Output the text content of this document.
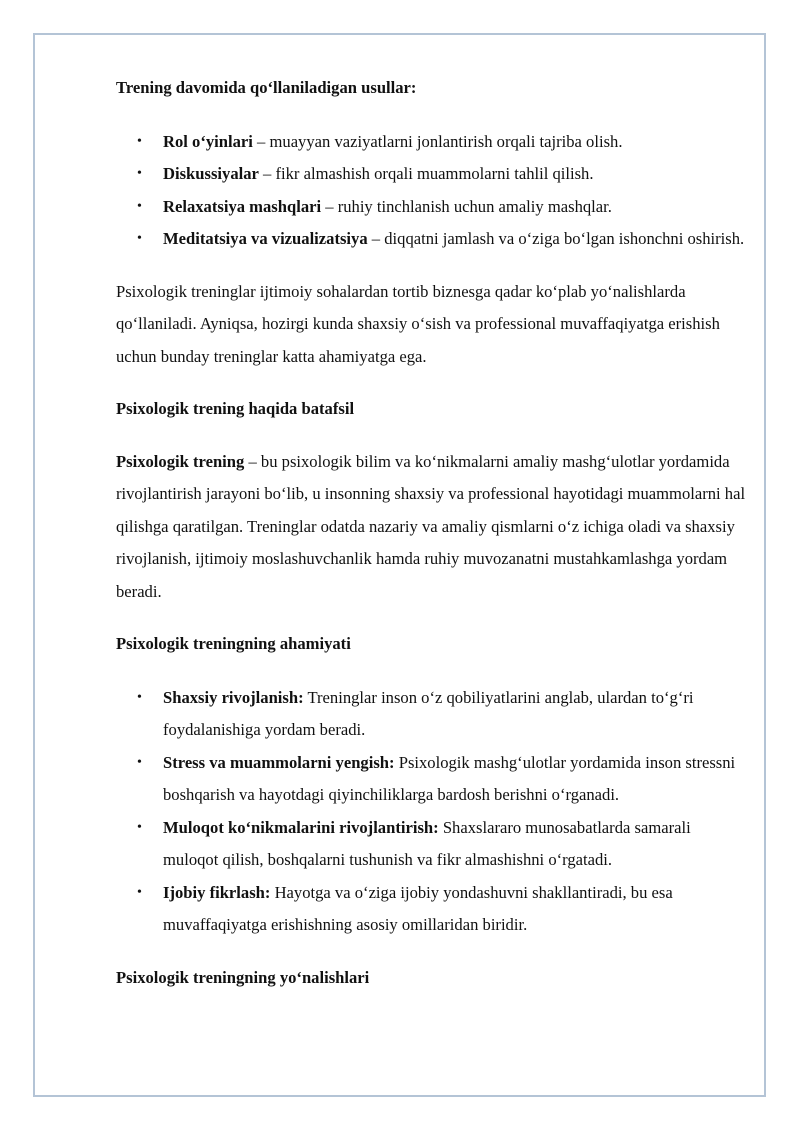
Trening davomida qo‘llaniladigan usullar:

• Rol o‘yinlari – muayyan vaziyatlarni jonlantirish orqali tajriba olish.
• Diskussiyalar – fikr almashish orqali muammolarni tahlil qilish.
• Relaxatsiya mashqlari – ruhiy tinchlanish uchun amaliy mashqlar.
• Meditatsiya va vizualizatsiya – diqqatni jamlash va o‘ziga bo‘lgan ishonchni oshirish.

Psixologik treninglar ijtimoiy sohalardan tortib biznesga qadar ko‘plab yo‘nalishlarda qo‘llaniladi. Ayniqsa, hozirgi kunda shaxsiy o‘sish va professional muvaffaqiyatga erishish uchun bunday treninglar katta ahamiyatga ega.

Psixologik trening haqida batafsil

Psixologik trening – bu psixologik bilim va ko‘nikmalarni amaliy mashg‘ulotlar yordamida rivojlantirish jarayoni bo‘lib, u insonning shaxsiy va professional hayotidagi muammolarni hal qilishga qaratilgan. Treninglar odatda nazariy va amaliy qismlarni o‘z ichiga oladi va shaxsiy rivojlanish, ijtimoiy moslashuvchanlik hamda ruhiy muvozanatni mustahkamlashga yordam beradi.

Psixologik treningning ahamiyati

• Shaxsiy rivojlanish: Treninglar inson o‘z qobiliyatlarini anglab, ulardan to‘g‘ri foydalanishiga yordam beradi.
• Stress va muammolarni yengish: Psixologik mashg‘ulotlar yordamida inson stressni boshqarish va hayotdagi qiyinchiliklarga bardosh berishni o‘rganadi.
• Muloqot ko‘nikmalarini rivojlantirish: Shaxslararo munosabatlarda samarali muloqot qilish, boshqalarni tushunish va fikr almashishni o‘rgatadi.
• Ijobiy fikrlash: Hayotga va o‘ziga ijobiy yondashuvni shakllantiradi, bu esa muvaffaqiyatga erishishning asosiy omillaridan biridir.

Psixologik treningning yo‘nalishlari
